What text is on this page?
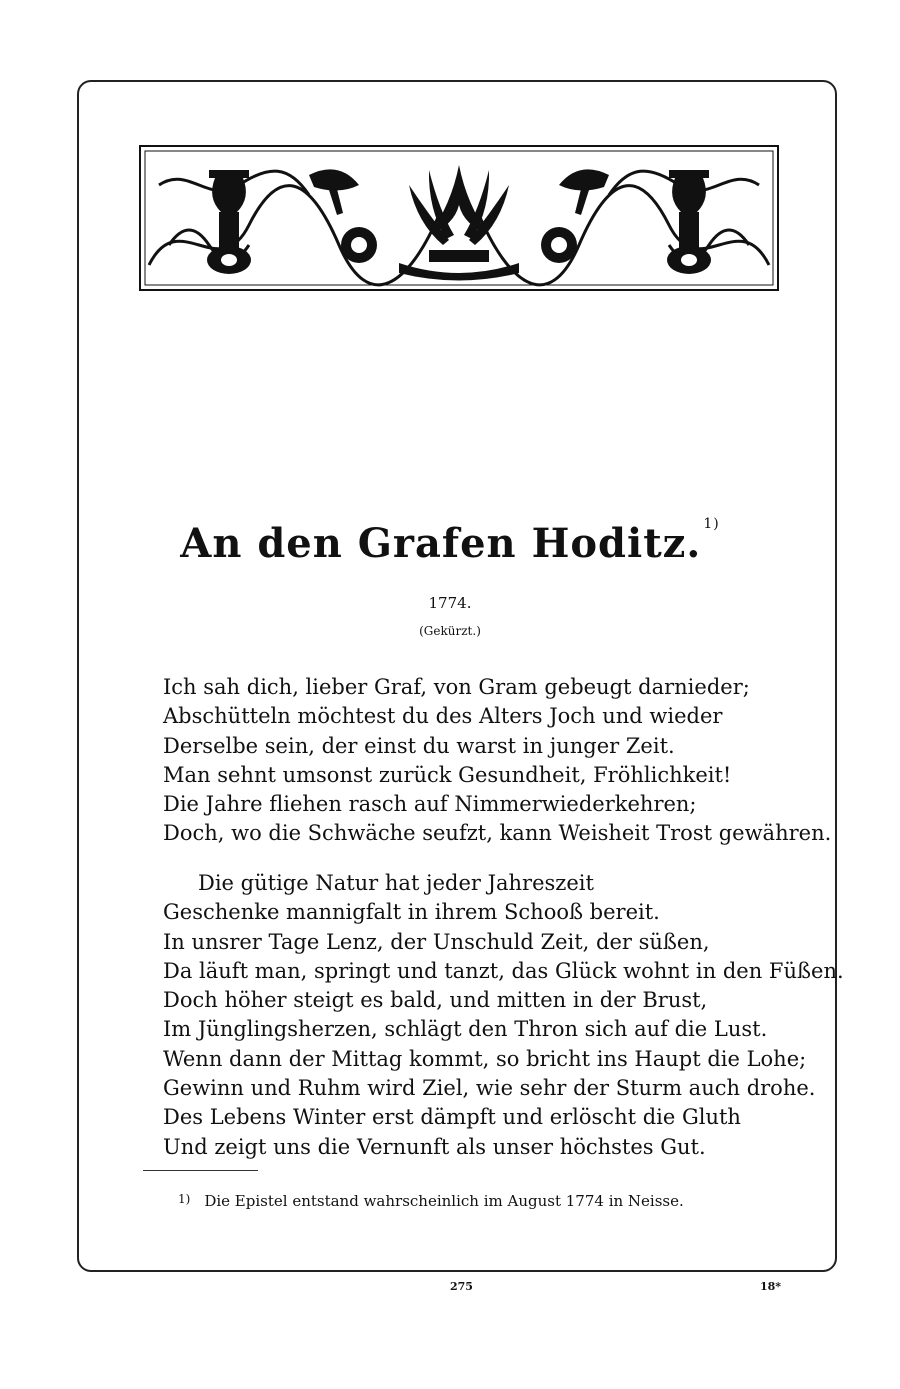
An den Grafen Hoditz. $^{1)}$
1774.
(Gekürzt.)
Ich sah dich, lieber Graf, von Gram gebeugt darnieder;
Abschütteln möchtest du des Alters Joch und wieder
Derselbe sein, der einst du warst in junger Zeit.
Man sehnt umsonst zurück Gesundheit, Fröhlichkeit!
Die Jahre fliehen rasch auf Nimmerwiederkehren;
Doch, wo die Schwäche seufzt, kann Weisheit Trost gewähren.
Die gütige Natur hat jeder Jahreszeit
Geschenke mannigfalt in ihrem Schooß bereit.
In unsrer Tage Lenz, der Unschuld Zeit, der süßen,
Da läuft man, springt und tanzt, das Glück wohnt in den Füßen.
Doch höher steigt es bald, und mitten in der Brust,
Im Jünglingsherzen, schlägt den Thron sich auf die Lust.
Wenn dann der Mittag kommt, so bricht ins Haupt die Lohe;
Gewinn und Ruhm wird Ziel, wie sehr der Sturm auch drohe.
Des Lebens Winter erst dämpft und erlöscht die Gluth
Und zeigt uns die Vernunft als unser höchstes Gut.
$^{1)}$ Die Epistel entstand wahrscheinlich im August 1774 in Neisse.
275	18*
